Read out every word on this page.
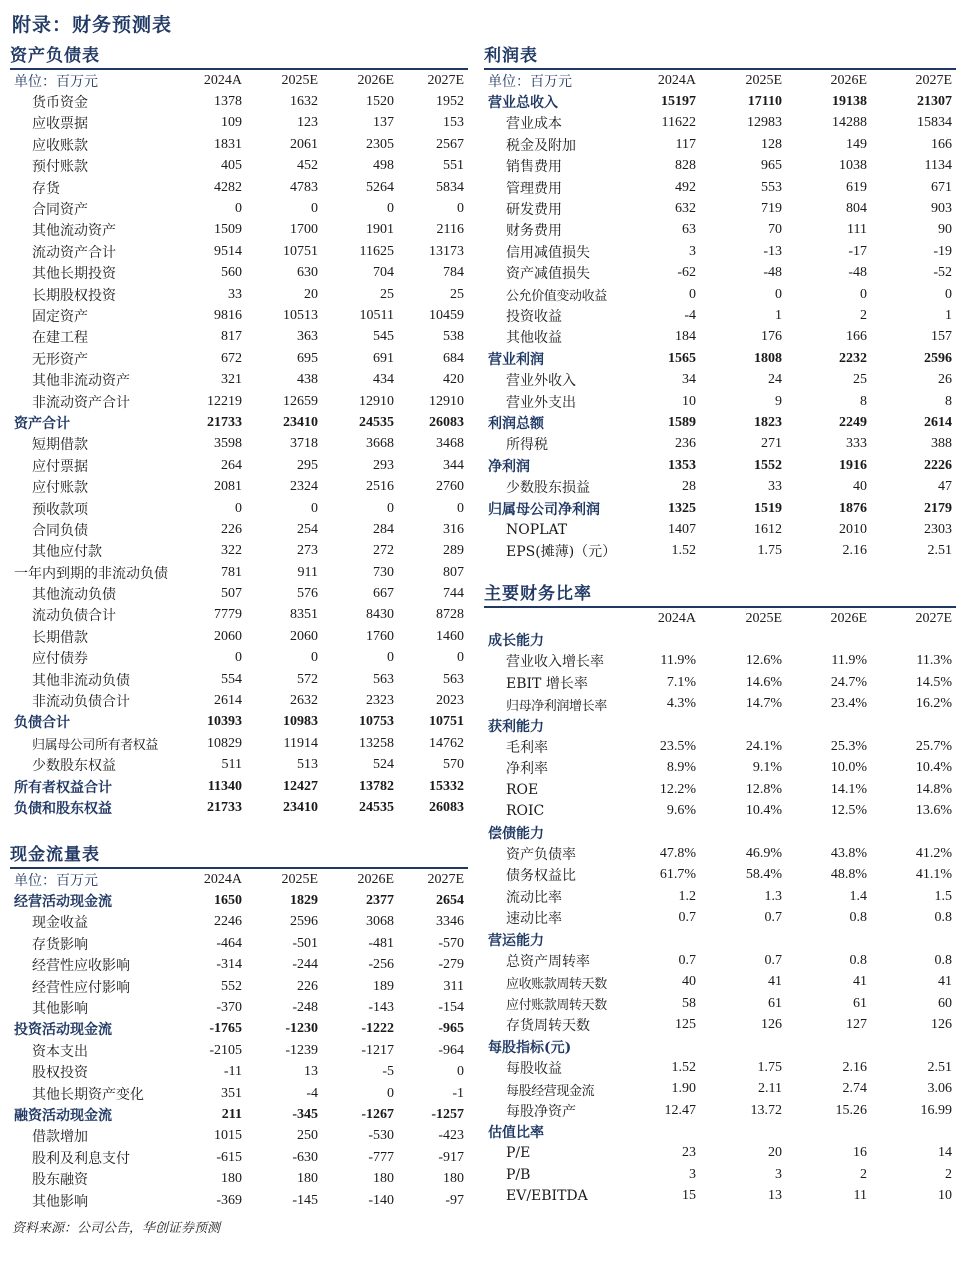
附录：财务预测表
资产负债表
单位：百万元	2024A	2025E	2026E	2027E
货币资金	1378	1632	1520	1952
应收票据	109	123	137	153
应收账款	1831	2061	2305	2567
预付账款	405	452	498	551
存货	4282	4783	5264	5834
合同资产	0	0	0	0
其他流动资产	1509	1700	1901	2116
流动资产合计	9514	10751	11625	13173
其他长期投资	560	630	704	784
长期股权投资	33	20	25	25
固定资产	9816	10513	10511	10459
在建工程	817	363	545	538
无形资产	672	695	691	684
其他非流动资产	321	438	434	420
非流动资产合计	12219	12659	12910	12910
资产合计	21733	23410	24535	26083
短期借款	3598	3718	3668	3468
应付票据	264	295	293	344
应付账款	2081	2324	2516	2760
预收款项	0	0	0	0
合同负债	226	254	284	316
其他应付款	322	273	272	289
一年内到期的非流动负债	781	911	730	807
其他流动负债	507	576	667	744
流动负债合计	7779	8351	8430	8728
长期借款	2060	2060	1760	1460
应付债券	0	0	0	0
其他非流动负债	554	572	563	563
非流动负债合计	2614	2632	2323	2023
负债合计	10393	10983	10753	10751
归属母公司所有者权益	10829	11914	13258	14762
少数股东权益	511	513	524	570
所有者权益合计	11340	12427	13782	15332
负债和股东权益	21733	23410	24535	26083
现金流量表
单位：百万元	2024A	2025E	2026E	2027E
经营活动现金流	1650	1829	2377	2654
现金收益	2246	2596	3068	3346
存货影响	-464	-501	-481	-570
经营性应收影响	-314	-244	-256	-279
经营性应付影响	552	226	189	311
其他影响	-370	-248	-143	-154
投资活动现金流	-1765	-1230	-1222	-965
资本支出	-2105	-1239	-1217	-964
股权投资	-11	13	-5	0
其他长期资产变化	351	-4	0	-1
融资活动现金流	211	-345	-1267	-1257
借款增加	1015	250	-530	-423
股利及利息支付	-615	-630	-777	-917
股东融资	180	180	180	180
其他影响	-369	-145	-140	-97
利润表
单位：百万元	2024A	2025E	2026E	2027E
营业总收入	15197	17110	19138	21307
营业成本	11622	12983	14288	15834
税金及附加	117	128	149	166
销售费用	828	965	1038	1134
管理费用	492	553	619	671
研发费用	632	719	804	903
财务费用	63	70	111	90
信用减值损失	3	-13	-17	-19
资产减值损失	-62	-48	-48	-52
公允价值变动收益	0	0	0	0
投资收益	-4	1	2	1
其他收益	184	176	166	157
营业利润	1565	1808	2232	2596
营业外收入	34	24	25	26
营业外支出	10	9	8	8
利润总额	1589	1823	2249	2614
所得税	236	271	333	388
净利润	1353	1552	1916	2226
少数股东损益	28	33	40	47
归属母公司净利润	1325	1519	1876	2179
NOPLAT	1407	1612	2010	2303
EPS(摊薄)（元）	1.52	1.75	2.16	2.51
主要财务比率
	2024A	2025E	2026E	2027E
成长能力				
营业收入增长率	11.9%	12.6%	11.9%	11.3%
EBIT 增长率	7.1%	14.6%	24.7%	14.5%
归母净利润增长率	4.3%	14.7%	23.4%	16.2%
获利能力				
毛利率	23.5%	24.1%	25.3%	25.7%
净利率	8.9%	9.1%	10.0%	10.4%
ROE	12.2%	12.8%	14.1%	14.8%
ROIC	9.6%	10.4%	12.5%	13.6%
偿债能力				
资产负债率	47.8%	46.9%	43.8%	41.2%
债务权益比	61.7%	58.4%	48.8%	41.1%
流动比率	1.2	1.3	1.4	1.5
速动比率	0.7	0.7	0.8	0.8
营运能力				
总资产周转率	0.7	0.7	0.8	0.8
应收账款周转天数	40	41	41	41
应付账款周转天数	58	61	61	60
存货周转天数	125	126	127	126
每股指标(元)				
每股收益	1.52	1.75	2.16	2.51
每股经营现金流	1.90	2.11	2.74	3.06
每股净资产	12.47	13.72	15.26	16.99
估值比率				
P/E	23	20	16	14
P/B	3	3	2	2
EV/EBITDA	15	13	11	10
资料来源：公司公告，华创证券预测
